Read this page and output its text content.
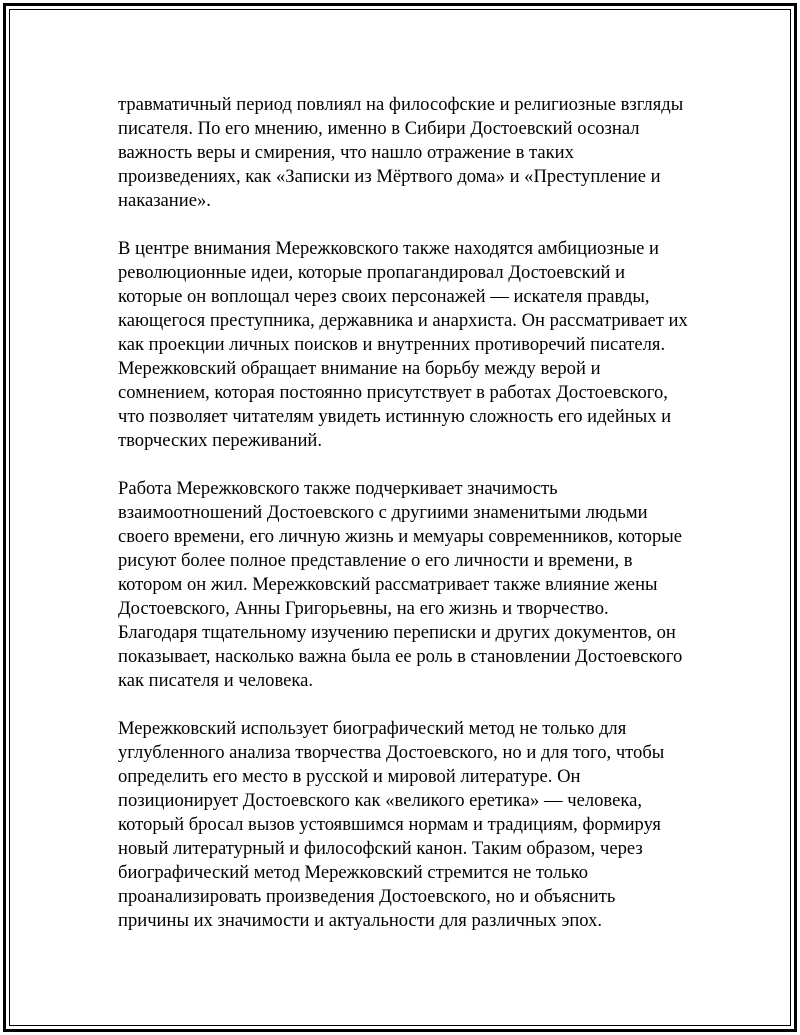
травматичный период повлиял на философские и религиозные взгляды
писателя. По его мнению, именно в Сибири Достоевский осознал
важность веры и смирения, что нашло отражение в таких
произведениях, как «Записки из Мёртвого дома» и «Преступление и
наказание».

В центре внимания Мережковского также находятся амбициозные и
революционные идеи, которые пропагандировал Достоевский и
которые он воплощал через своих персонажей — искателя правды,
кающегося преступника, державника и анархиста. Он рассматривает их
как проекции личных поисков и внутренних противоречий писателя.
Мережковский обращает внимание на борьбу между верой и
сомнением, которая постоянно присутствует в работах Достоевского,
что позволяет читателям увидеть истинную сложность его идейных и
творческих переживаний.

Работа Мережковского также подчеркивает значимость
взаимоотношений Достоевского с другиими знаменитыми людьми
своего времени, его личную жизнь и мемуары современников, которые
рисуют более полное представление о его личности и времени, в
котором он жил. Мережковский рассматривает также влияние жены
Достоевского, Анны Григорьевны, на его жизнь и творчество.
Благодаря тщательному изучению переписки и других документов, он
показывает, насколько важна была ее роль в становлении Достоевского
как писателя и человека.

Мережковский использует биографический метод не только для
углубленного анализа творчества Достоевского, но и для того, чтобы
определить его место в русской и мировой литературе. Он
позиционирует Достоевского как «великого еретика» — человека,
который бросал вызов устоявшимся нормам и традициям, формируя
новый литературный и философский канон. Таким образом, через
биографический метод Мережковский стремится не только
проанализировать произведения Достоевского, но и объяснить
причины их значимости и актуальности для различных эпох.
